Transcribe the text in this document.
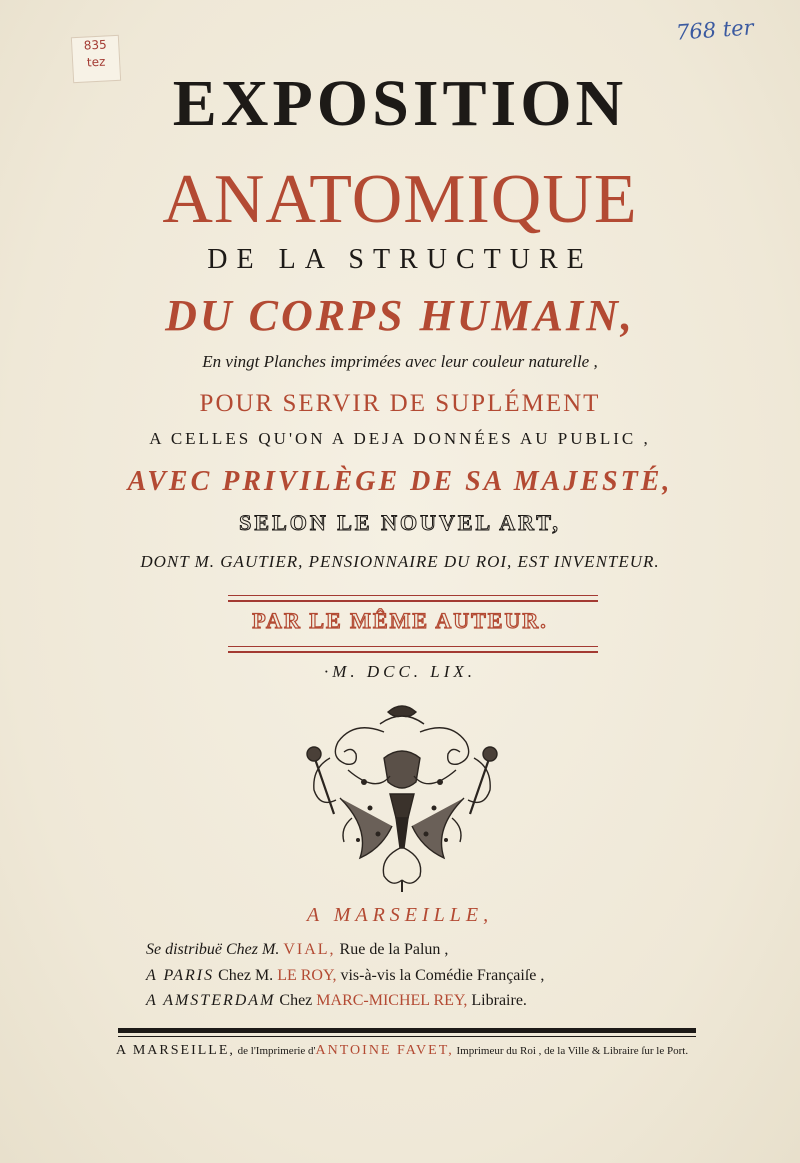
835
tez
768 ter
EXPOSITION
ANATOMIQUE
DE LA STRUCTURE
DU CORPS HUMAIN,
En vingt Planches imprimées avec leur couleur naturelle ,
POUR SERVIR DE SUPLÉMENT
A CELLES QU'ON A DEJA DONNÉES AU PUBLIC ,
AVEC PRIVILÈGE DE SA MAJESTÉ,
SELON LE NOUVEL ART,
DONT M. GAUTIER, PENSIONNAIRE DU ROI, EST INVENTEUR.
PAR LE MÊME AUTEUR.
·M. DCC. LIX.
A MARSEILLE,
Se distribuë Chez M. VIAL, Rue de la Palun ,
A PARIS Chez M. LE ROY, vis-à-vis la Comédie Françaiſe ,
A AMSTERDAM Chez MARC-MICHEL REY, Libraire.
A MARSEILLE, de l'Imprimerie d'ANTOINE FAVET, Imprimeur du Roi , de la Ville & Libraire ſur le Port.
